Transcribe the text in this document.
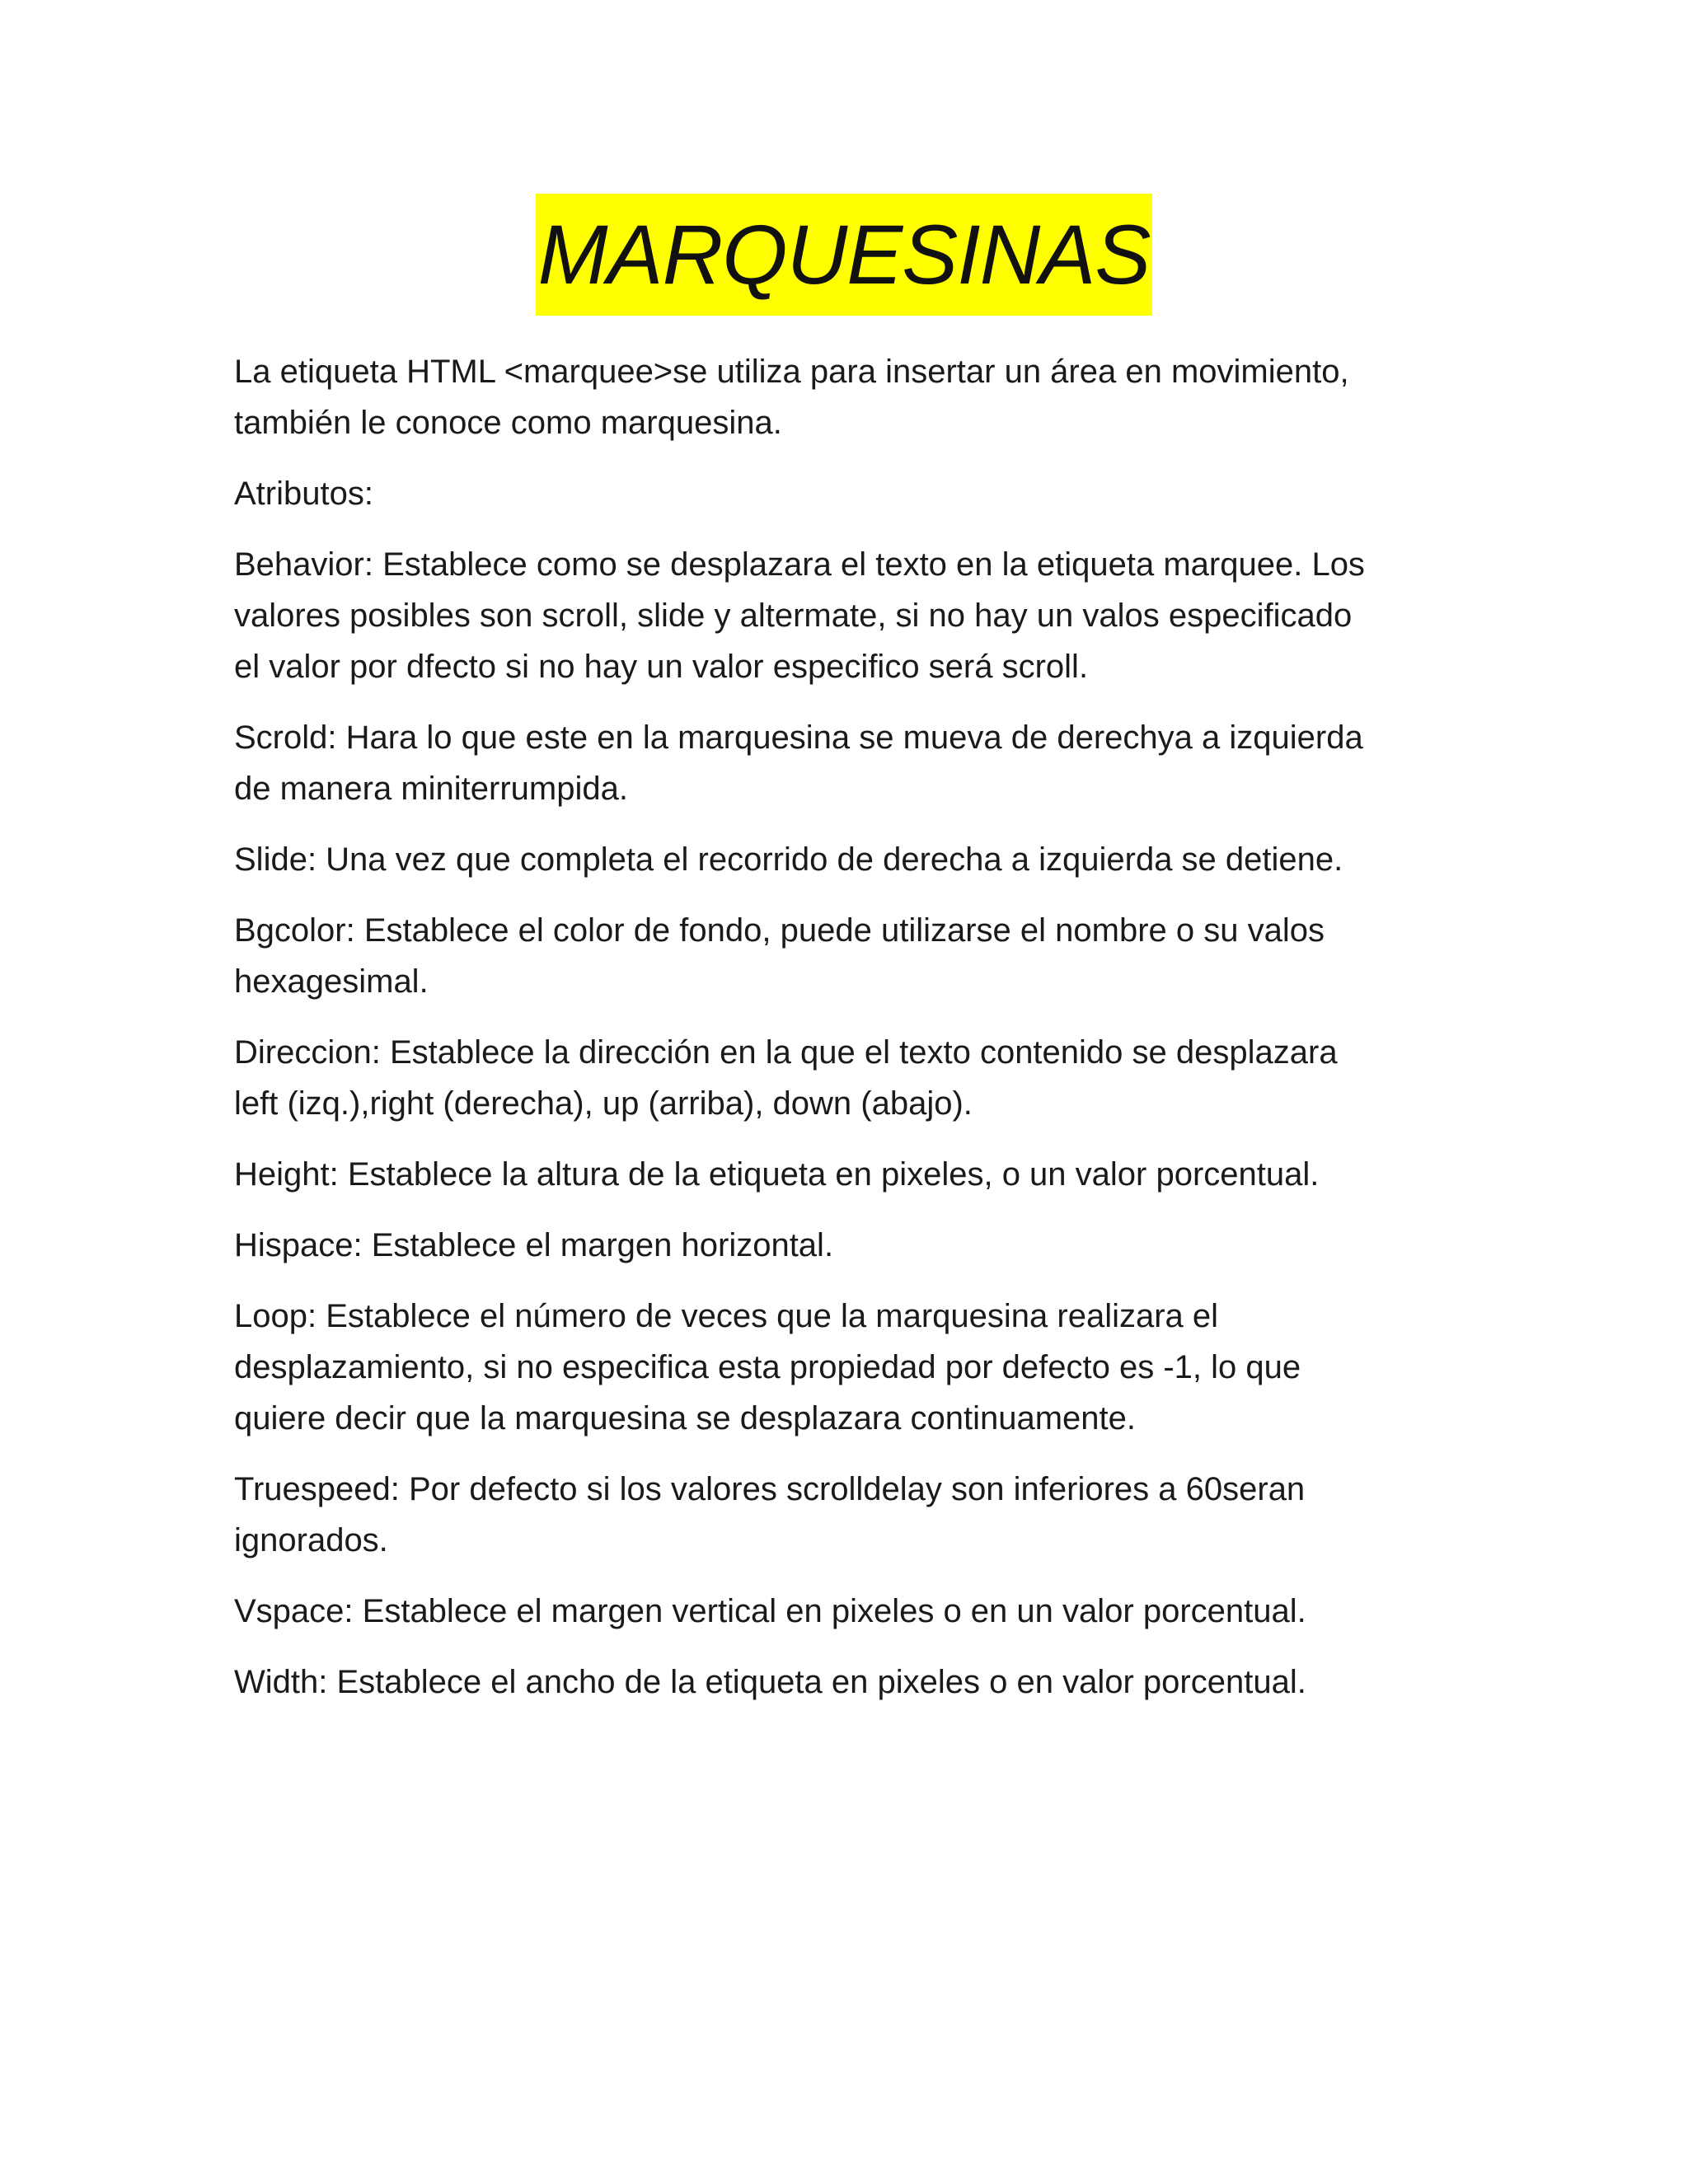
MARQUESINAS

La etiqueta HTML <marquee>se utiliza para insertar un área en movimiento,
también le conoce como marquesina.

Atributos:

Behavior: Establece como se desplazara el texto en la etiqueta marquee. Los
valores posibles son scroll, slide y altermate, si no hay un valos especificado
el valor por dfecto si no hay un valor especifico será scroll.

Scrold: Hara lo que este en la marquesina se mueva de derechya a izquierda
de manera miniterrumpida.

Slide: Una vez que completa el recorrido de derecha a izquierda se detiene.

Bgcolor: Establece el color de fondo, puede utilizarse el nombre o su valos
hexagesimal.

Direccion: Establece la dirección en la que el texto contenido se desplazara
left (izq.),right (derecha), up (arriba), down (abajo).

Height: Establece la altura de la etiqueta en pixeles, o un valor porcentual.

Hispace: Establece el margen horizontal.

Loop: Establece el número de veces que la marquesina realizara el
desplazamiento, si no especifica esta propiedad por defecto es -1, lo que
quiere decir que la marquesina se desplazara continuamente.

Truespeed: Por defecto si los valores scrolldelay son inferiores a 60seran
ignorados.

Vspace: Establece el margen vertical en pixeles o en un valor porcentual.

Width: Establece el ancho de la etiqueta en pixeles o en valor porcentual.
